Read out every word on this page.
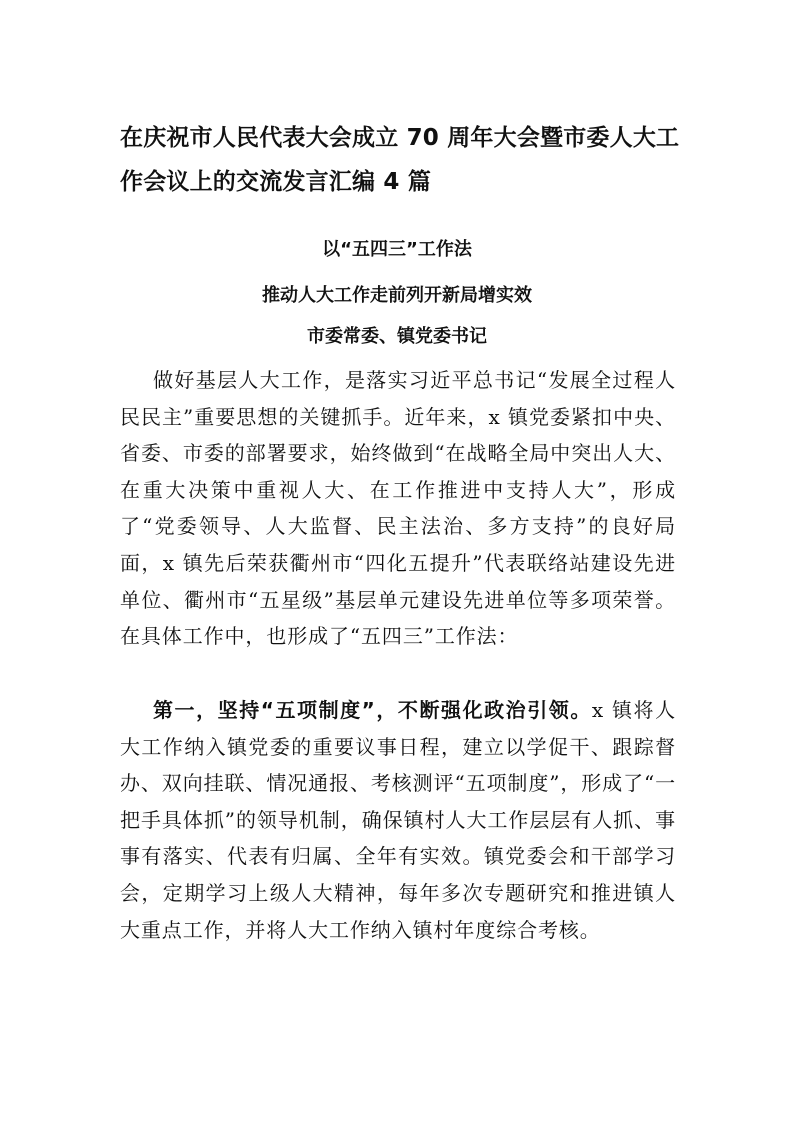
在庆祝市人民代表大会成立 70 周年大会暨市委人大工作会议上的交流发言汇编 4 篇

以“五四三”工作法

推动人大工作走前列开新局增实效

市委常委、镇党委书记

做好基层人大工作，是落实习近平总书记“发展全过程人民民主”重要思想的关键抓手。近年来，x 镇党委紧扣中央、省委、市委的部署要求，始终做到“在战略全局中突出人大、在重大决策中重视人大、在工作推进中支持人大”，形成了“党委领导、人大监督、民主法治、多方支持”的良好局面，x 镇先后荣获衢州市“四化五提升”代表联络站建设先进单位、衢州市“五星级”基层单元建设先进单位等多项荣誉。在具体工作中，也形成了“五四三”工作法：

第一，坚持“五项制度”，不断强化政治引领。x 镇将人大工作纳入镇党委的重要议事日程，建立以学促干、跟踪督办、双向挂联、情况通报、考核测评“五项制度”，形成了“一把手具体抓”的领导机制，确保镇村人大工作层层有人抓、事事有落实、代表有归属、全年有实效。镇党委会和干部学习会，定期学习上级人大精神，每年多次专题研究和推进镇人大重点工作，并将人大工作纳入镇村年度综合考核。
